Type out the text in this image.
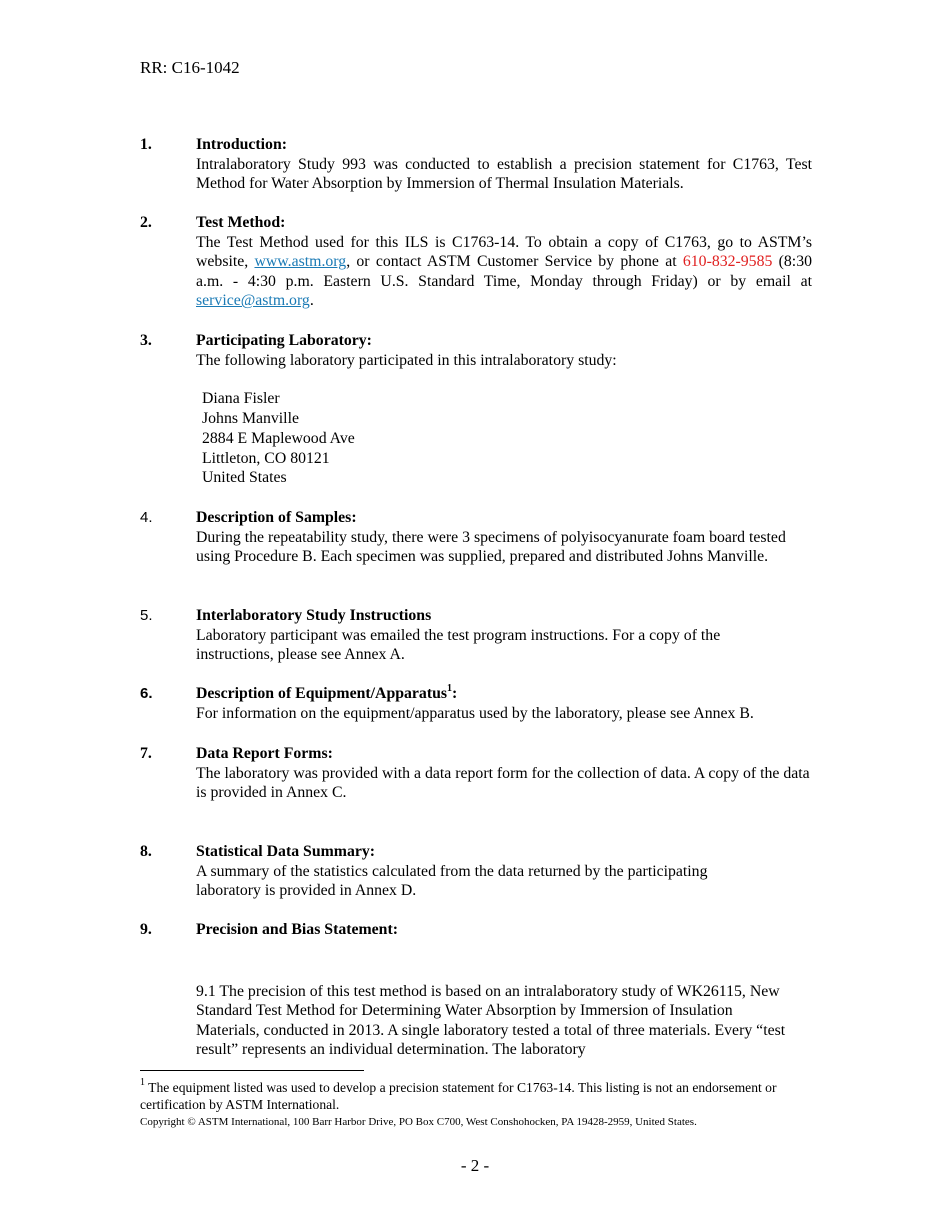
RR: C16-1042
1.	Introduction:
Intralaboratory Study 993 was conducted to establish a precision statement for C1763, Test Method for Water Absorption by Immersion of Thermal Insulation Materials.
2.	Test Method:
The Test Method used for this ILS is C1763-14. To obtain a copy of C1763, go to ASTM’s website, www.astm.org, or contact ASTM Customer Service by phone at 610-832-9585 (8:30 a.m. - 4:30 p.m. Eastern U.S. Standard Time, Monday through Friday) or by email at service@astm.org.
3.	Participating Laboratory:
The following laboratory participated in this intralaboratory study:
Diana Fisler
Johns Manville
2884 E Maplewood Ave
Littleton, CO 80121
United States
4.	Description of Samples:
During the repeatability study, there were 3 specimens of polyisocyanurate foam board tested using Procedure B. Each specimen was supplied, prepared and distributed Johns Manville.
5.	Interlaboratory Study Instructions
Laboratory participant was emailed the test program instructions. For a copy of the instructions, please see Annex A.
6.	Description of Equipment/Apparatus$^1$:
For information on the equipment/apparatus used by the laboratory, please see Annex B.
7.	Data Report Forms:
The laboratory was provided with a data report form for the collection of data. A copy of the data is provided in Annex C.
8.	Statistical Data Summary:
A summary of the statistics calculated from the data returned by the participating laboratory is provided in Annex D.
9.	Precision and Bias Statement:
9.1 The precision of this test method is based on an intralaboratory study of WK26115, New Standard Test Method for Determining Water Absorption by Immersion of Insulation Materials, conducted in 2013. A single laboratory tested a total of three materials. Every “test result” represents an individual determination. The laboratory
$^1$ The equipment listed was used to develop a precision statement for C1763-14. This listing is not an endorsement or certification by ASTM International.
Copyright © ASTM International, 100 Barr Harbor Drive, PO Box C700, West Conshohocken, PA 19428-2959, United States.
- 2 -
